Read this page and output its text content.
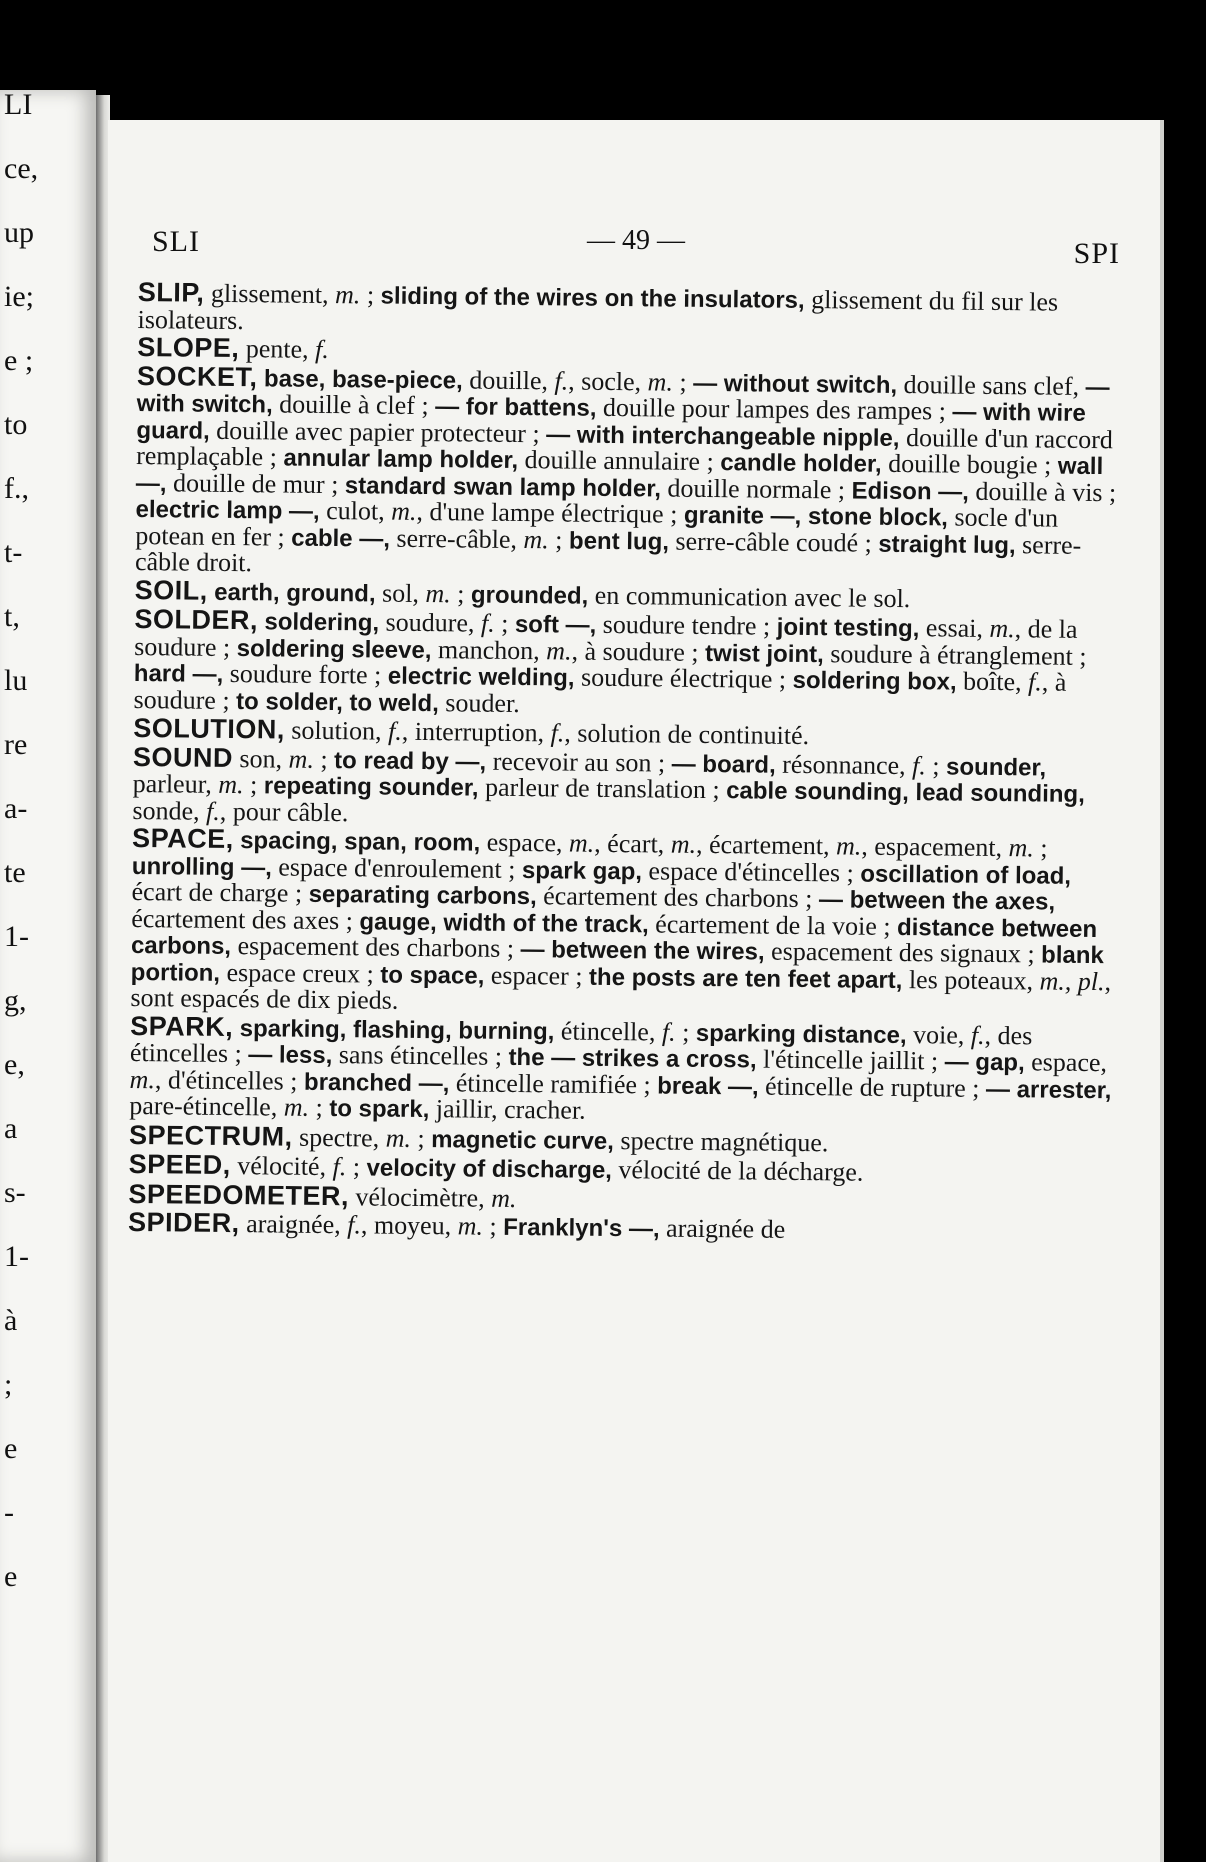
LI
ce,
up
ie;
e ;
to
f.,
t-
t,
lu
re
a-
te
1-
g,
e,
a
s-
1-
à
;
e
-
e
SLI	— 49 —	SPI
SLIP, glissement, m. ; sliding of the wires on the insulators, glissement du fil sur les isolateurs.
SLOPE, pente, f.
SOCKET, base, base-piece, douille, f., socle, m. ; — without switch, douille sans clef, — with switch, douille à clef ; — for battens, douille pour lampes des rampes ; — with wire guard, douille avec papier protecteur ; — with interchangeable nipple, douille d'un raccord remplaçable ; annular lamp holder, douille annulaire ; candle holder, douille bougie ; wall —, douille de mur ; standard swan lamp holder, douille normale ; Edison —, douille à vis ; electric lamp —, culot, m., d'une lampe électrique ; granite —, stone block, socle d'un potean en fer ; cable —, serre-câble, m. ; bent lug, serre-câble coudé ; straight lug, serre-câble droit.
SOIL, earth, ground, sol, m. ; grounded, en communication avec le sol.
SOLDER, soldering, soudure, f. ; soft —, soudure tendre ; joint testing, essai, m., de la soudure ; soldering sleeve, manchon, m., à soudure ; twist joint, soudure à étranglement ; hard —, soudure forte ; electric welding, soudure électrique ; soldering box, boîte, f., à soudure ; to solder, to weld, souder.
SOLUTION, solution, f., interruption, f., solution de continuité.
SOUND son, m. ; to read by —, recevoir au son ; — board, résonnance, f. ; sounder, parleur, m. ; repeating sounder, parleur de translation ; cable sounding, lead sounding, sonde, f., pour câble.
SPACE, spacing, span, room, espace, m., écart, m., écartement, m., espacement, m. ; unrolling —, espace d'enroulement ; spark gap, espace d'étincelles ; oscillation of load, écart de charge ; separating carbons, écartement des charbons ; — between the axes, écartement des axes ; gauge, width of the track, écartement de la voie ; distance between carbons, espacement des charbons ; — between the wires, espacement des signaux ; blank portion, espace creux ; to space, espacer ; the posts are ten feet apart, les poteaux, m., pl., sont espacés de dix pieds.
SPARK, sparking, flashing, burning, étincelle, f. ; sparking distance, voie, f., des étincelles ; — less, sans étincelles ; the — strikes a cross, l'étincelle jaillit ; — gap, espace, m., d'étincelles ; branched —, étincelle ramifiée ; break —, étincelle de rupture ; — arrester, pare-étincelle, m. ; to spark, jaillir, cracher.
SPECTRUM, spectre, m. ; magnetic curve, spectre magnétique.
SPEED, vélocité, f. ; velocity of discharge, vélocité de la décharge.
SPEEDOMETER, vélocimètre, m.
SPIDER, araignée, f., moyeu, m. ; Franklyn's —, araignée de
